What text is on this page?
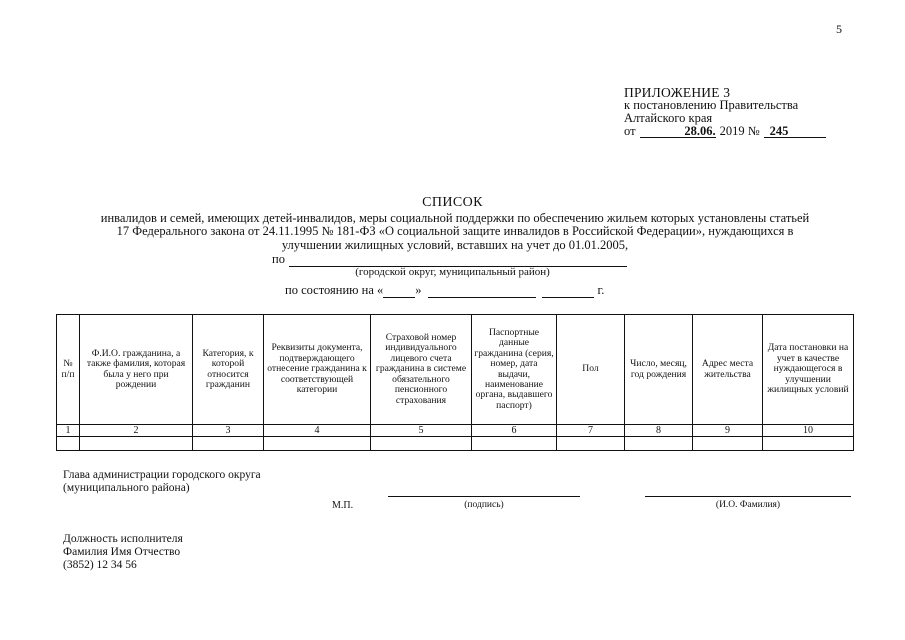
5
ПРИЛОЖЕНИЕ 3
к постановлению Правительства
Алтайского края
от	28.06. 2019 № 245
СПИСОК
инвалидов и семей, имеющих детей-инвалидов, меры социальной поддержки по обеспечению жильем которых установлены статьей 17 Федерального закона от 24.11.1995 № 181-ФЗ «О социальной защите инвалидов в Российской Федерации», нуждающихся в улучшении жилищных условий, вставших на учет до 01.01.2005,
по
(городской округ, муниципальный район)
по состоянию на «	»	г.
№ п/п	Ф.И.О. гражданина, а также фамилия, которая была у него при рождении	Категория, к которой относится гражданин	Реквизиты документа, подтверждающего отнесение гражданина к соответствующей категории	Страховой номер индивидуального лицевого счета гражданина в системе обязательного пенсионного страхования	Паспортные данные гражданина (серия, номер, дата выдачи, наименование органа, выдавшего паспорт)	Пол	Число, месяц, год рождения	Адрес места жительства	Дата постановки на учет в качестве нуждающегося в улучшении жилищных условий
1	2	3	4	5	6	7	8	9	10

Глава администрации городского округа
(муниципального района)
М.П.	(подпись)	(И.О. Фамилия)
Должность исполнителя
Фамилия Имя Отчество
(3852) 12 34 56
